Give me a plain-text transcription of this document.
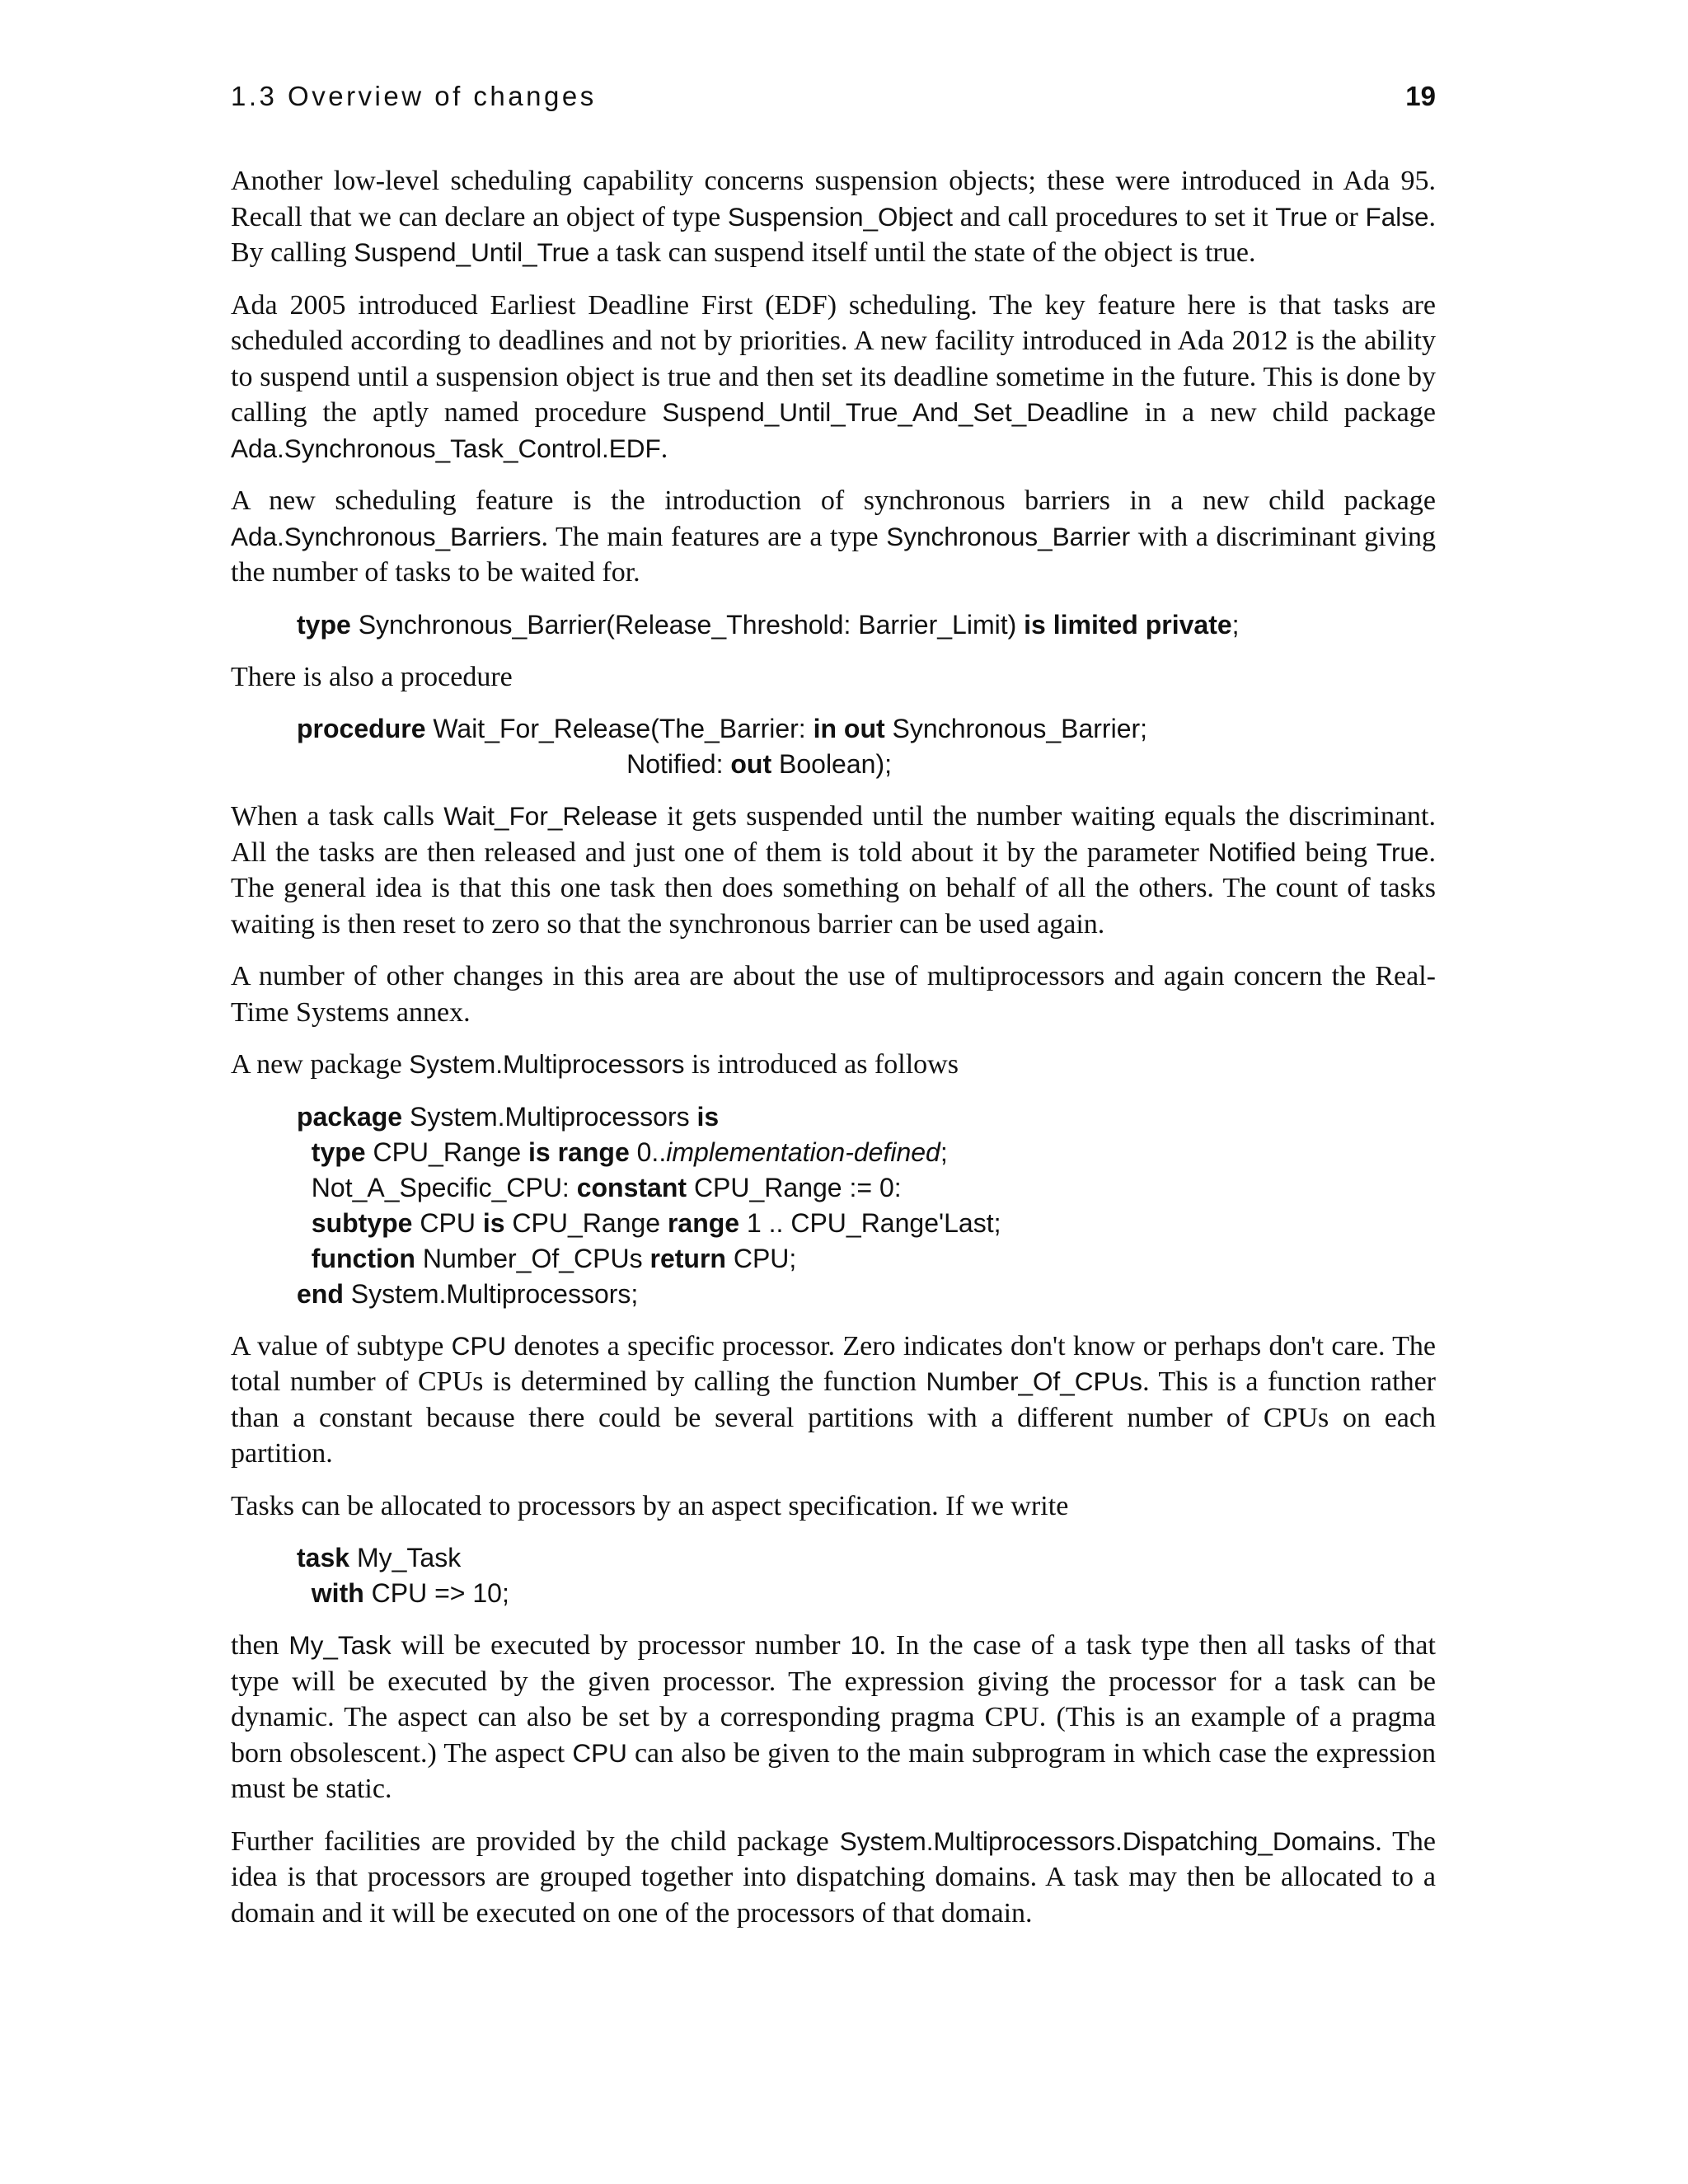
1.3 Overview of changes	19

Another low-level scheduling capability concerns suspension objects; these were introduced in Ada 95. Recall that we can declare an object of type Suspension_Object and call procedures to set it True or False. By calling Suspend_Until_True a task can suspend itself until the state of the object is true.

Ada 2005 introduced Earliest Deadline First (EDF) scheduling. The key feature here is that tasks are scheduled according to deadlines and not by priorities. A new facility introduced in Ada 2012 is the ability to suspend until a suspension object is true and then set its deadline sometime in the future. This is done by calling the aptly named procedure Suspend_Until_True_And_Set_Deadline in a new child package Ada.Synchronous_Task_Control.EDF.

A new scheduling feature is the introduction of synchronous barriers in a new child package Ada.Synchronous_Barriers. The main features are a type Synchronous_Barrier with a discriminant giving the number of tasks to be waited for.

type Synchronous_Barrier(Release_Threshold: Barrier_Limit) is limited private;

There is also a procedure

procedure Wait_For_Release(The_Barrier: in out Synchronous_Barrier;
Notified: out Boolean);

When a task calls Wait_For_Release it gets suspended until the number waiting equals the discriminant. All the tasks are then released and just one of them is told about it by the parameter Notified being True. The general idea is that this one task then does something on behalf of all the others. The count of tasks waiting is then reset to zero so that the synchronous barrier can be used again.

A number of other changes in this area are about the use of multiprocessors and again concern the Real-Time Systems annex.

A new package System.Multiprocessors is introduced as follows

package System.Multiprocessors is
type CPU_Range is range 0..implementation-defined;
Not_A_Specific_CPU: constant CPU_Range := 0:
subtype CPU is CPU_Range range 1 .. CPU_Range'Last;
function Number_Of_CPUs return CPU;
end System.Multiprocessors;

A value of subtype CPU denotes a specific processor. Zero indicates don't know or perhaps don't care. The total number of CPUs is determined by calling the function Number_Of_CPUs. This is a function rather than a constant because there could be several partitions with a different number of CPUs on each partition.

Tasks can be allocated to processors by an aspect specification. If we write

task My_Task
with CPU => 10;

then My_Task will be executed by processor number 10. In the case of a task type then all tasks of that type will be executed by the given processor. The expression giving the processor for a task can be dynamic. The aspect can also be set by a corresponding pragma CPU. (This is an example of a pragma born obsolescent.) The aspect CPU can also be given to the main subprogram in which case the expression must be static.

Further facilities are provided by the child package System.Multiprocessors.Dispatching_Domains. The idea is that processors are grouped together into dispatching domains. A task may then be allocated to a domain and it will be executed on one of the processors of that domain.
